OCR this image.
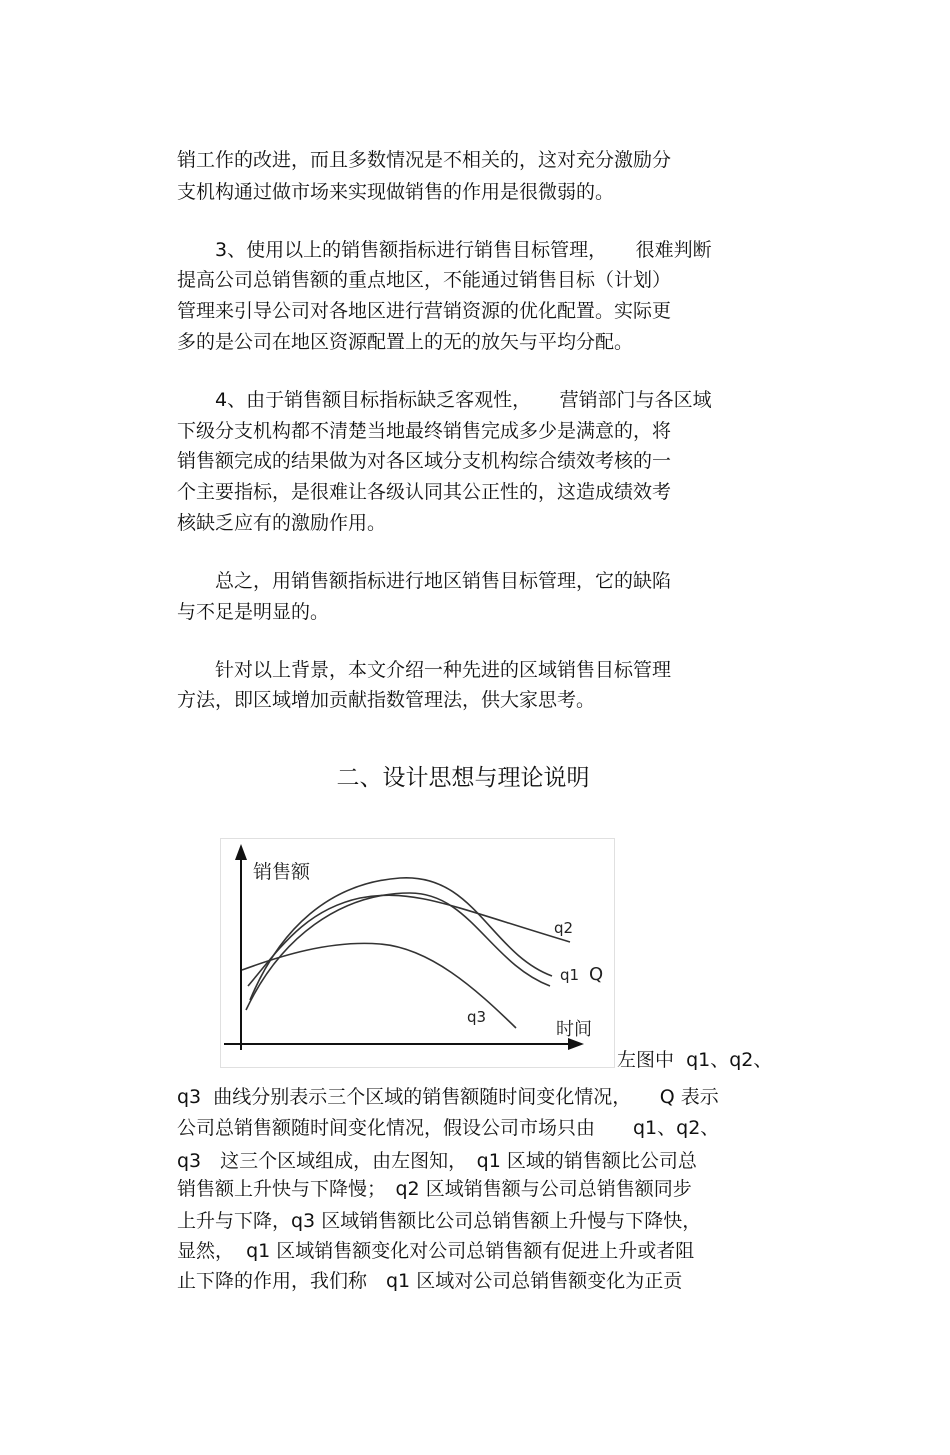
销工作的改进，而且多数情况是不相关的，这对充分激励分
支机构通过做市场来实现做销售的作用是很微弱的。
　　3、使用以上的销售额指标进行销售目标管理，　　很难判断
提高公司总销售额的重点地区，不能通过销售目标（计划）
管理来引导公司对各地区进行营销资源的优化配置。实际更
多的是公司在地区资源配置上的无的放矢与平均分配。
　　4、由于销售额目标指标缺乏客观性，　　营销部门与各区域
下级分支机构都不清楚当地最终销售完成多少是满意的，将
销售额完成的结果做为对各区域分支机构综合绩效考核的一
个主要指标，是很难让各级认同其公正性的，这造成绩效考
核缺乏应有的激励作用。
　　总之，用销售额指标进行地区销售目标管理，它的缺陷
与不足是明显的。
　　针对以上背景，本文介绍一种先进的区域销售目标管理
方法，即区域增加贡献指数管理法，供大家思考。
二、设计思想与理论说明
销售额
时间
q2
q1 Q
q3
左图中  q1、q2、
q3  曲线分别表示三个区域的销售额随时间变化情况，　　Q 表示
公司总销售额随时间变化情况，假设公司市场只由　　q1、q2、
q3　这三个区域组成，由左图知，　q1 区域的销售额比公司总
销售额上升快与下降慢；　q2 区域销售额与公司总销售额同步
上升与下降，q3 区域销售额比公司总销售额上升慢与下降快，
显然，  q1 区域销售额变化对公司总销售额有促进上升或者阻
止下降的作用，我们称　q1 区域对公司总销售额变化为正贡
